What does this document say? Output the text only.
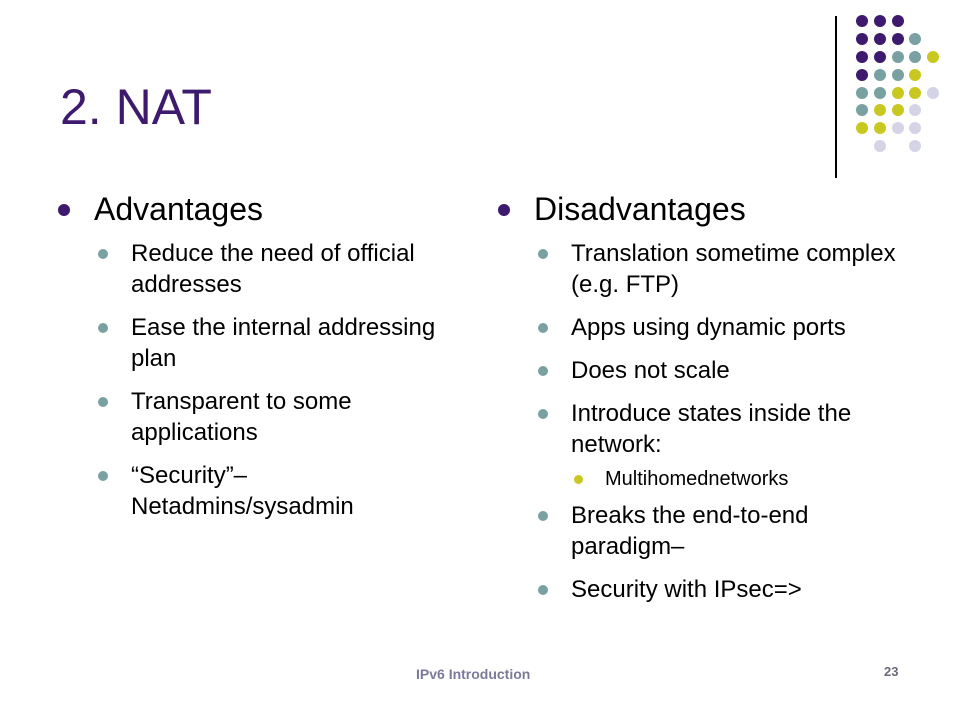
2. NAT
Advantages
Reduce the need of official addresses
Ease the internal addressing plan
Transparent to some applications
“Security”– Netadmins/sysadmin
Disadvantages
Translation sometime complex (e.g. FTP)
Apps using dynamic ports
Does not scale
Introduce states inside the network:
Multihomednetworks
Breaks the end-to-end paradigm–
Security with IPsec=>
IPv6 Introduction	23
